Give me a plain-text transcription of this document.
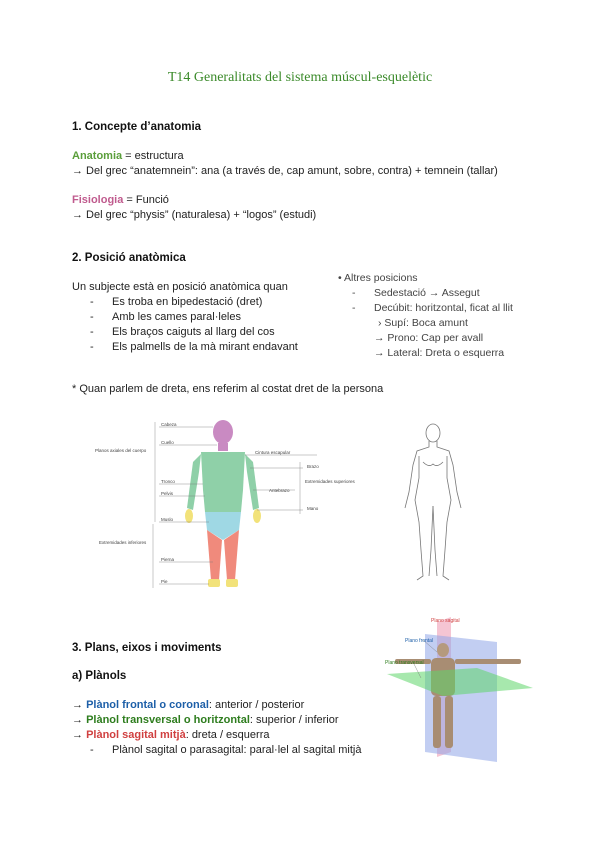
T14 Generalitats del sistema múscul-esquelètic
1. Concepte d’anatomia
Anatomia = estructura
→ Del grec “anatemnein”: ana (a través de, cap amunt, sobre, contra) + temnein (tallar)
Fisiologia = Funció
→ Del grec “physis” (naturalesa) + “logos” (estudi)
2. Posició anatòmica
Un subjecte està en posició anatòmica quan
- Es troba en bipedestació (dret)
- Amb les cames paral·leles
- Els braços caiguts al llarg del cos
- Els palmells de la mà mirant endavant
• Altres posicions
- Sedestació → Assegut
- Decúbit: horitzontal, ficat al llit
› Supí: Boca amunt
→ Prono: Cap per avall
→ Lateral: Dreta o esquerra
* Quan parlem de dreta, ens referim al costat dret de la persona
Cabeza
Cuello
Tronco
Pelvis
Muslo
Pierna
Pie
Planos axiales del cuerpo
Extremidades inferiores
Cintura escapular
Brazo
Extremidades superiores
Antebrazo
Mano
3. Plans, eixos i moviments
a) Plànols
→ Plànol frontal o coronal: anterior / posterior
→ Plànol transversal o horitzontal: superior / inferior
→ Plànol sagital mitjà: dreta / esquerra
- Plànol sagital o parasagital: paral·lel al sagital mitjà
Plano sagital
Plano frontal
Plano transversal
